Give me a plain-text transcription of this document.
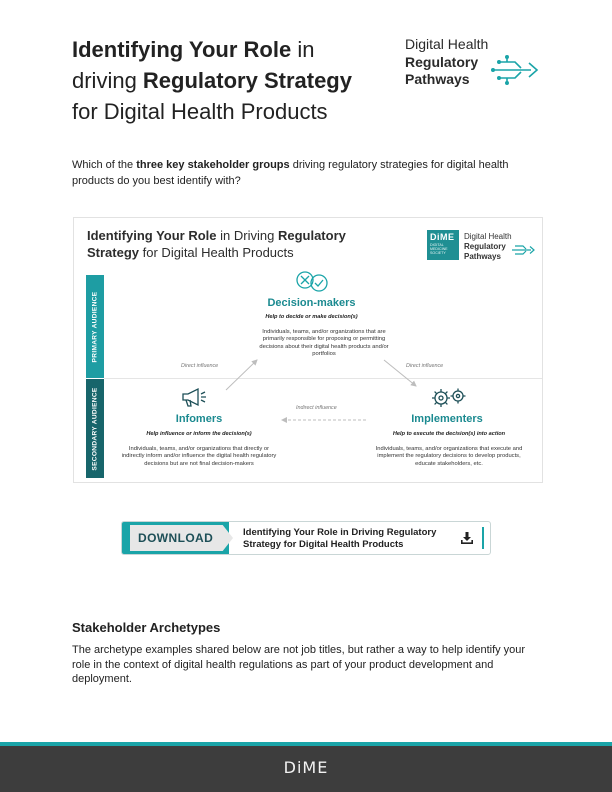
Identifying Your Role in
driving Regulatory Strategy
for Digital Health Products
Digital Health
Regulatory
Pathways
Which of the three key stakeholder groups driving regulatory strategies for digital health products do you best identify with?
Identifying Your Role in Driving Regulatory
Strategy for Digital Health Products
DiME
DIGITAL MEDICINE SOCIETY
Digital Health
Regulatory
Pathways
PRIMARY AUDIENCE
SECONDARY AUDIENCE
Decision-makers
Help to decide or make decision(s)
Individuals, teams, and/or organizations that are primarily responsible for proposing or permitting decisions about their digital health products and/or portfolios
Direct influence	Direct influence
Indirect influence
Infomers
Help influence or inform the decision(s)
Individuals, teams, and/or organizations that directly or indirectly inform and/or influence the digital health regulatory decisions but are not final decision-makers
Implementers
Help to execute the decision(s) into action
Individuals, teams, and/or organizations that execute and implement the regulatory decisions to develop products, educate stakeholders, etc.
DOWNLOAD	Identifying Your Role in Driving Regulatory Strategy for Digital Health Products
Stakeholder Archetypes
The archetype examples shared below are not job titles, but rather a way to help identify your role in the context of digital health regulations as part of your product development and deployment.
DiME
